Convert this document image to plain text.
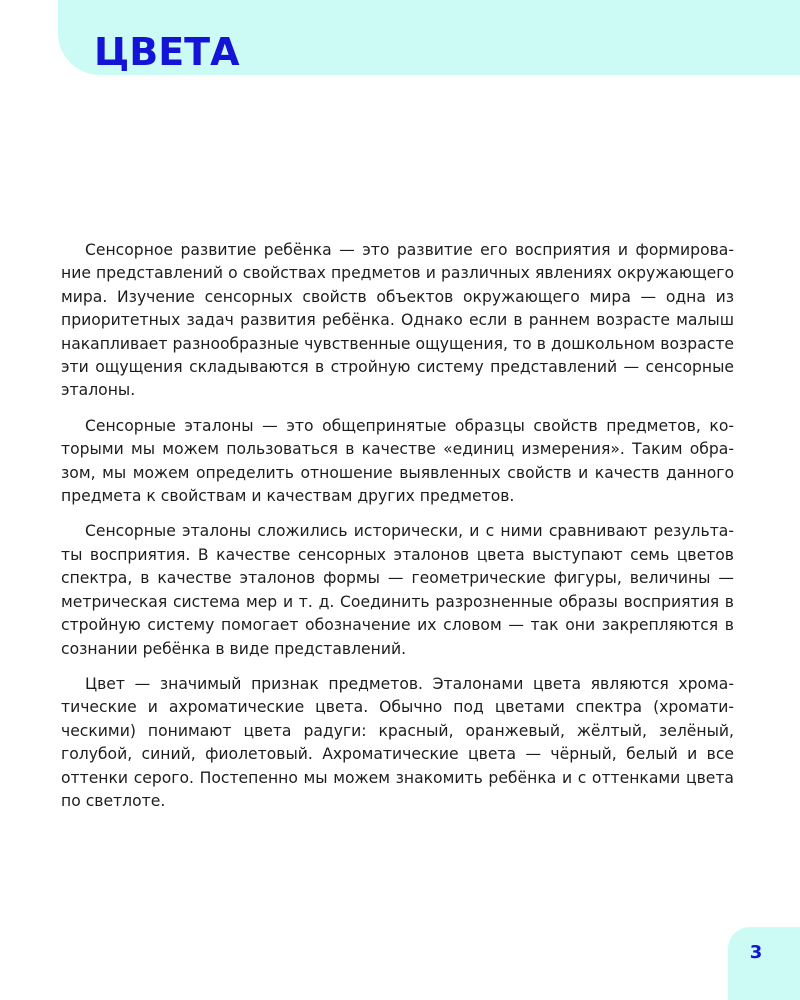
ЦВЕТА

Сенсорное развитие ребёнка — это развитие его восприятия и формирование представлений о свойствах предметов и различных явлениях окружающего мира. Изучение сенсорных свойств объектов окружающего мира — одна из приоритетных задач развития ребёнка. Однако если в раннем возрасте малыш накапливает разнообразные чувственные ощущения, то в дошкольном возрасте эти ощущения складываются в стройную систему представлений — сенсорные эталоны.

Сенсорные эталоны — это общепринятые образцы свойств предметов, которыми мы можем пользоваться в качестве «единиц измерения». Таким образом, мы можем определить отношение выявленных свойств и качеств данного предмета к свойствам и качествам других предметов.

Сенсорные эталоны сложились исторически, и с ними сравнивают результаты восприятия. В качестве сенсорных эталонов цвета выступают семь цветов спектра, в качестве эталонов формы — геометрические фигуры, величины — метрическая система мер и т. д. Соединить разрозненные образы восприятия в стройную систему помогает обозначение их словом — так они закрепляются в сознании ребёнка в виде представлений.

Цвет — значимый признак предметов. Эталонами цвета являются хроматические и ахроматические цвета. Обычно под цветами спектра (хроматическими) понимают цвета радуги: красный, оранжевый, жёлтый, зелёный, голубой, синий, фиолетовый. Ахроматические цвета — чёрный, белый и все оттенки серого. Постепенно мы можем знакомить ребёнка и с оттенками цвета по светлоте.

3
